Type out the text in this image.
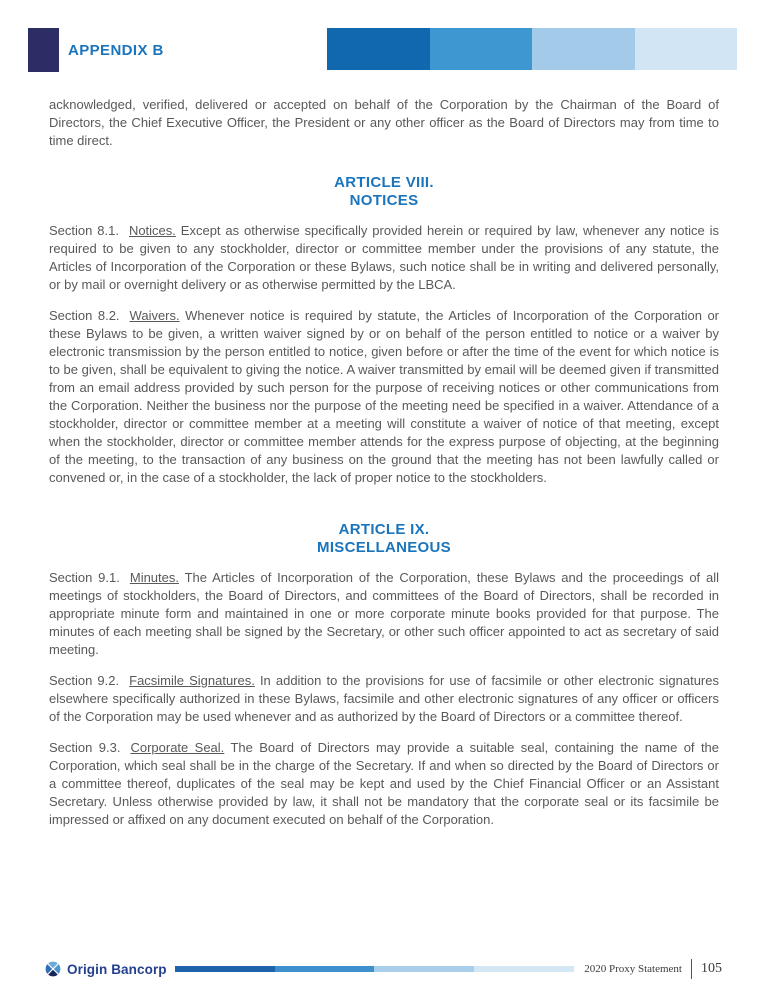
APPENDIX B

acknowledged, verified, delivered or accepted on behalf of the Corporation by the Chairman of the Board of Directors, the Chief Executive Officer, the President or any other officer as the Board of Directors may from time to time direct.

ARTICLE VIII.
NOTICES

Section 8.1. Notices. Except as otherwise specifically provided herein or required by law, whenever any notice is required to be given to any stockholder, director or committee member under the provisions of any statute, the Articles of Incorporation of the Corporation or these Bylaws, such notice shall be in writing and delivered personally, or by mail or overnight delivery or as otherwise permitted by the LBCA.

Section 8.2. Waivers. Whenever notice is required by statute, the Articles of Incorporation of the Corporation or these Bylaws to be given, a written waiver signed by or on behalf of the person entitled to notice or a waiver by electronic transmission by the person entitled to notice, given before or after the time of the event for which notice is to be given, shall be equivalent to giving the notice. A waiver transmitted by email will be deemed given if transmitted from an email address provided by such person for the purpose of receiving notices or other communications from the Corporation. Neither the business nor the purpose of the meeting need be specified in a waiver. Attendance of a stockholder, director or committee member at a meeting will constitute a waiver of notice of that meeting, except when the stockholder, director or committee member attends for the express purpose of objecting, at the beginning of the meeting, to the transaction of any business on the ground that the meeting has not been lawfully called or convened or, in the case of a stockholder, the lack of proper notice to the stockholders.

ARTICLE IX.
MISCELLANEOUS

Section 9.1. Minutes. The Articles of Incorporation of the Corporation, these Bylaws and the proceedings of all meetings of stockholders, the Board of Directors, and committees of the Board of Directors, shall be recorded in appropriate minute form and maintained in one or more corporate minute books provided for that purpose. The minutes of each meeting shall be signed by the Secretary, or other such officer appointed to act as secretary of said meeting.

Section 9.2. Facsimile Signatures. In addition to the provisions for use of facsimile or other electronic signatures elsewhere specifically authorized in these Bylaws, facsimile and other electronic signatures of any officer or officers of the Corporation may be used whenever and as authorized by the Board of Directors or a committee thereof.

Section 9.3. Corporate Seal. The Board of Directors may provide a suitable seal, containing the name of the Corporation, which seal shall be in the charge of the Secretary. If and when so directed by the Board of Directors or a committee thereof, duplicates of the seal may be kept and used by the Chief Financial Officer or an Assistant Secretary. Unless otherwise provided by law, it shall not be mandatory that the corporate seal or its facsimile be impressed or affixed on any document executed on behalf of the Corporation.

Origin Bancorp	2020 Proxy Statement 105
